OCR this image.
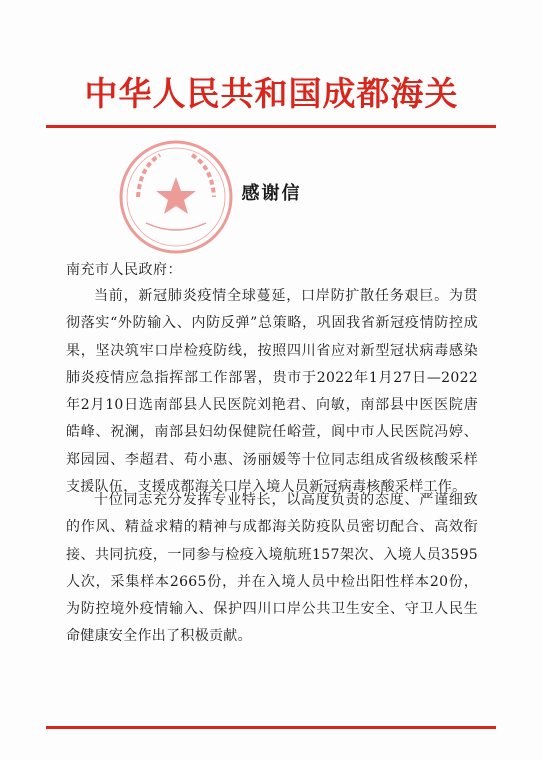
中华人民共和国成都海关
感谢信
南充市人民政府：

当前，新冠肺炎疫情全球蔓延，口岸防扩散任务艰巨。为贯彻落实“外防输入、内防反弹”总策略，巩固我省新冠疫情防控成果，坚决筑牢口岸检疫防线，按照四川省应对新型冠状病毒感染肺炎疫情应急指挥部工作部署，贵市于2022年1月27日—2022年2月10日选南部县人民医院刘艳君、向敏，南部县中医医院唐皓峰、祝澜，南部县妇幼保健院任峪萱，阆中市人民医院冯婷、郑园园、李超君、苟小惠、汤丽媛等十位同志组成省级核酸采样支援队伍，支援成都海关口岸入境人员新冠病毒核酸采样工作。

十位同志充分发挥专业特长，以高度负责的态度、严谨细致的作风、精益求精的精神与成都海关防疫队员密切配合、高效衔接、共同抗疫，一同参与检疫入境航班157架次、入境人员3595人次，采集样本2665份，并在入境人员中检出阳性样本20份，为防控境外疫情输入、保护四川口岸公共卫生安全、守卫人民生命健康安全作出了积极贡献。
